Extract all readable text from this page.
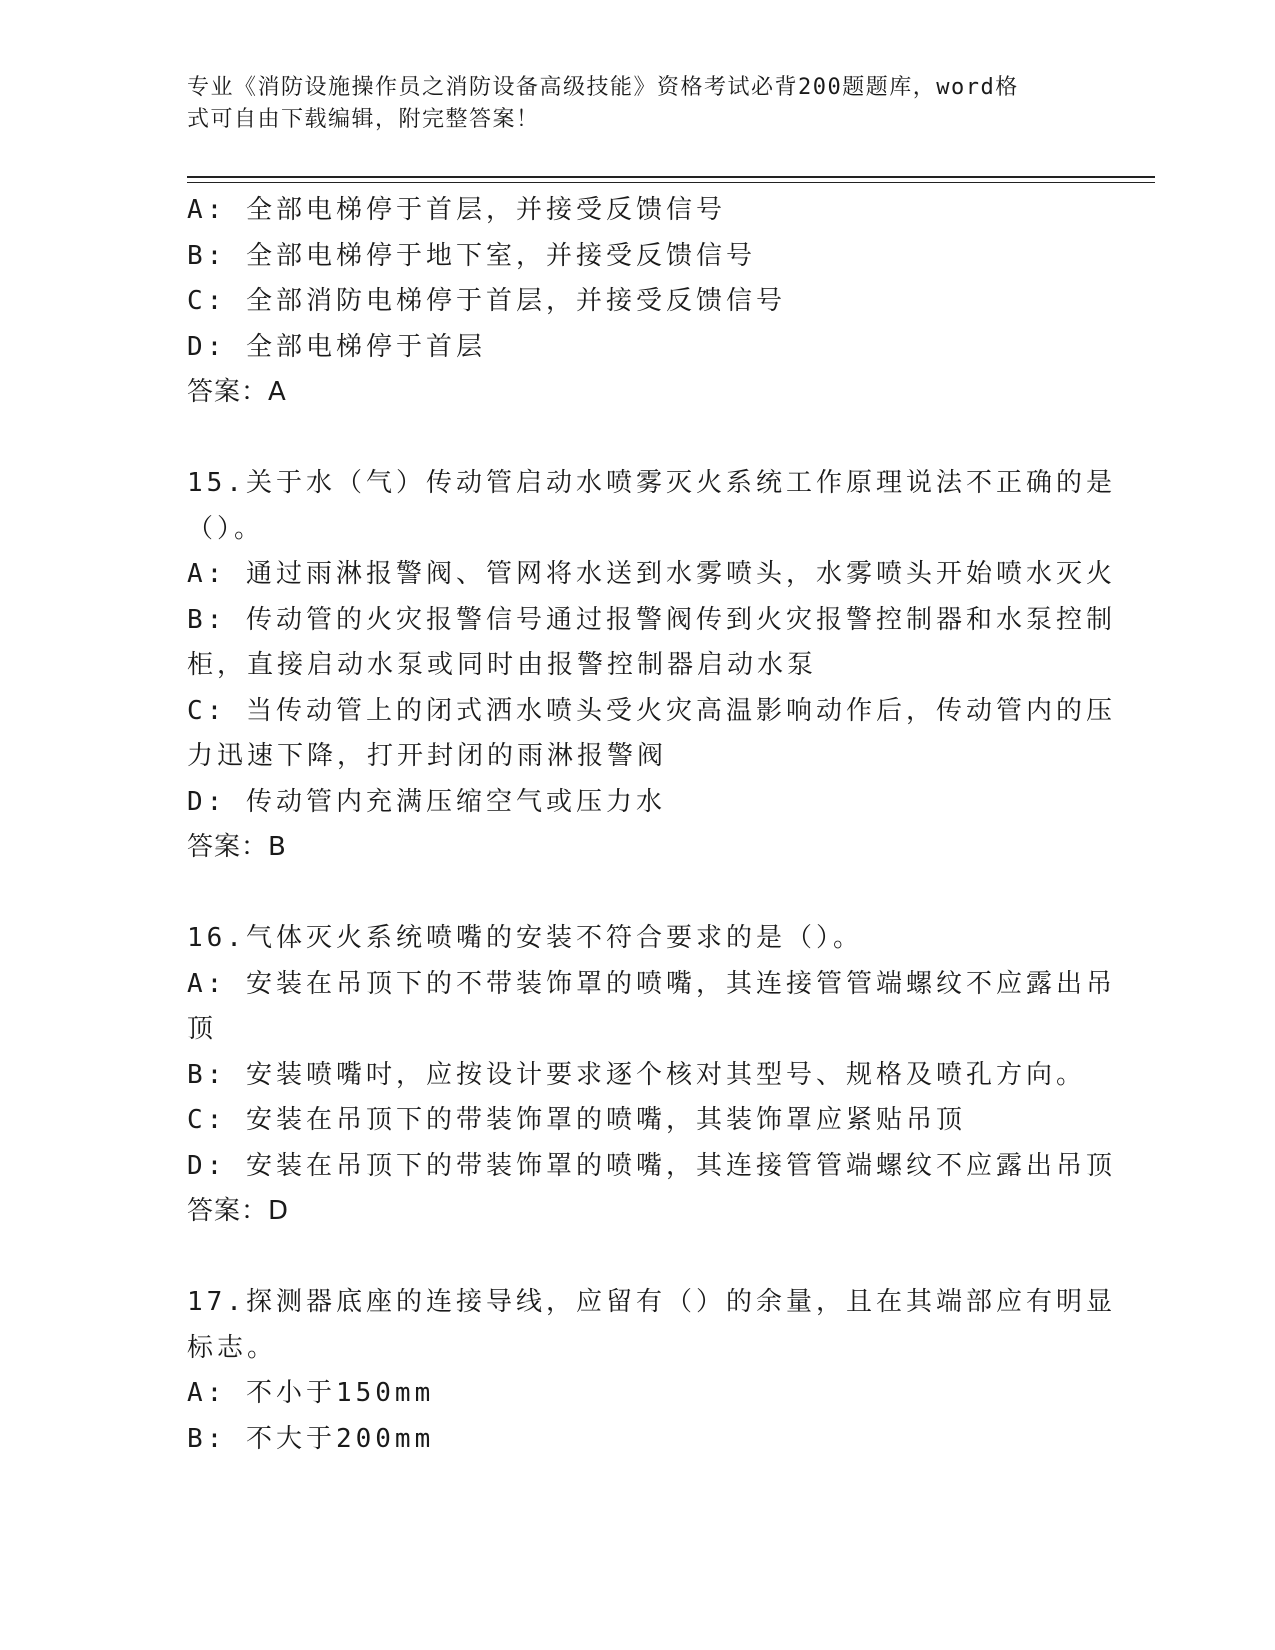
专业《消防设施操作员之消防设备高级技能》资格考试必背200题题库，word格
式可自由下载编辑，附完整答案！
A: 全部电梯停于首层，并接受反馈信号
B: 全部电梯停于地下室，并接受反馈信号
C: 全部消防电梯停于首层，并接受反馈信号
D: 全部电梯停于首层
答案：A
15.关于水（气）传动管启动水喷雾灭火系统工作原理说法不正确的是
（）。
A: 通过雨淋报警阀、管网将水送到水雾喷头，水雾喷头开始喷水灭火
B: 传动管的火灾报警信号通过报警阀传到火灾报警控制器和水泵控制
柜，直接启动水泵或同时由报警控制器启动水泵
C: 当传动管上的闭式洒水喷头受火灾高温影响动作后，传动管内的压
力迅速下降，打开封闭的雨淋报警阀
D: 传动管内充满压缩空气或压力水
答案：B
16.气体灭火系统喷嘴的安装不符合要求的是（）。
A: 安装在吊顶下的不带装饰罩的喷嘴，其连接管管端螺纹不应露出吊
顶
B: 安装喷嘴吋，应按设计要求逐个核对其型号、规格及喷孔方向。
C: 安装在吊顶下的带装饰罩的喷嘴，其装饰罩应紧贴吊顶
D: 安装在吊顶下的带装饰罩的喷嘴，其连接管管端螺纹不应露出吊顶
答案：D
17.探测器底座的连接导线，应留有（）的余量，且在其端部应有明显
标志。
A: 不小于150mm
B: 不大于200mm
